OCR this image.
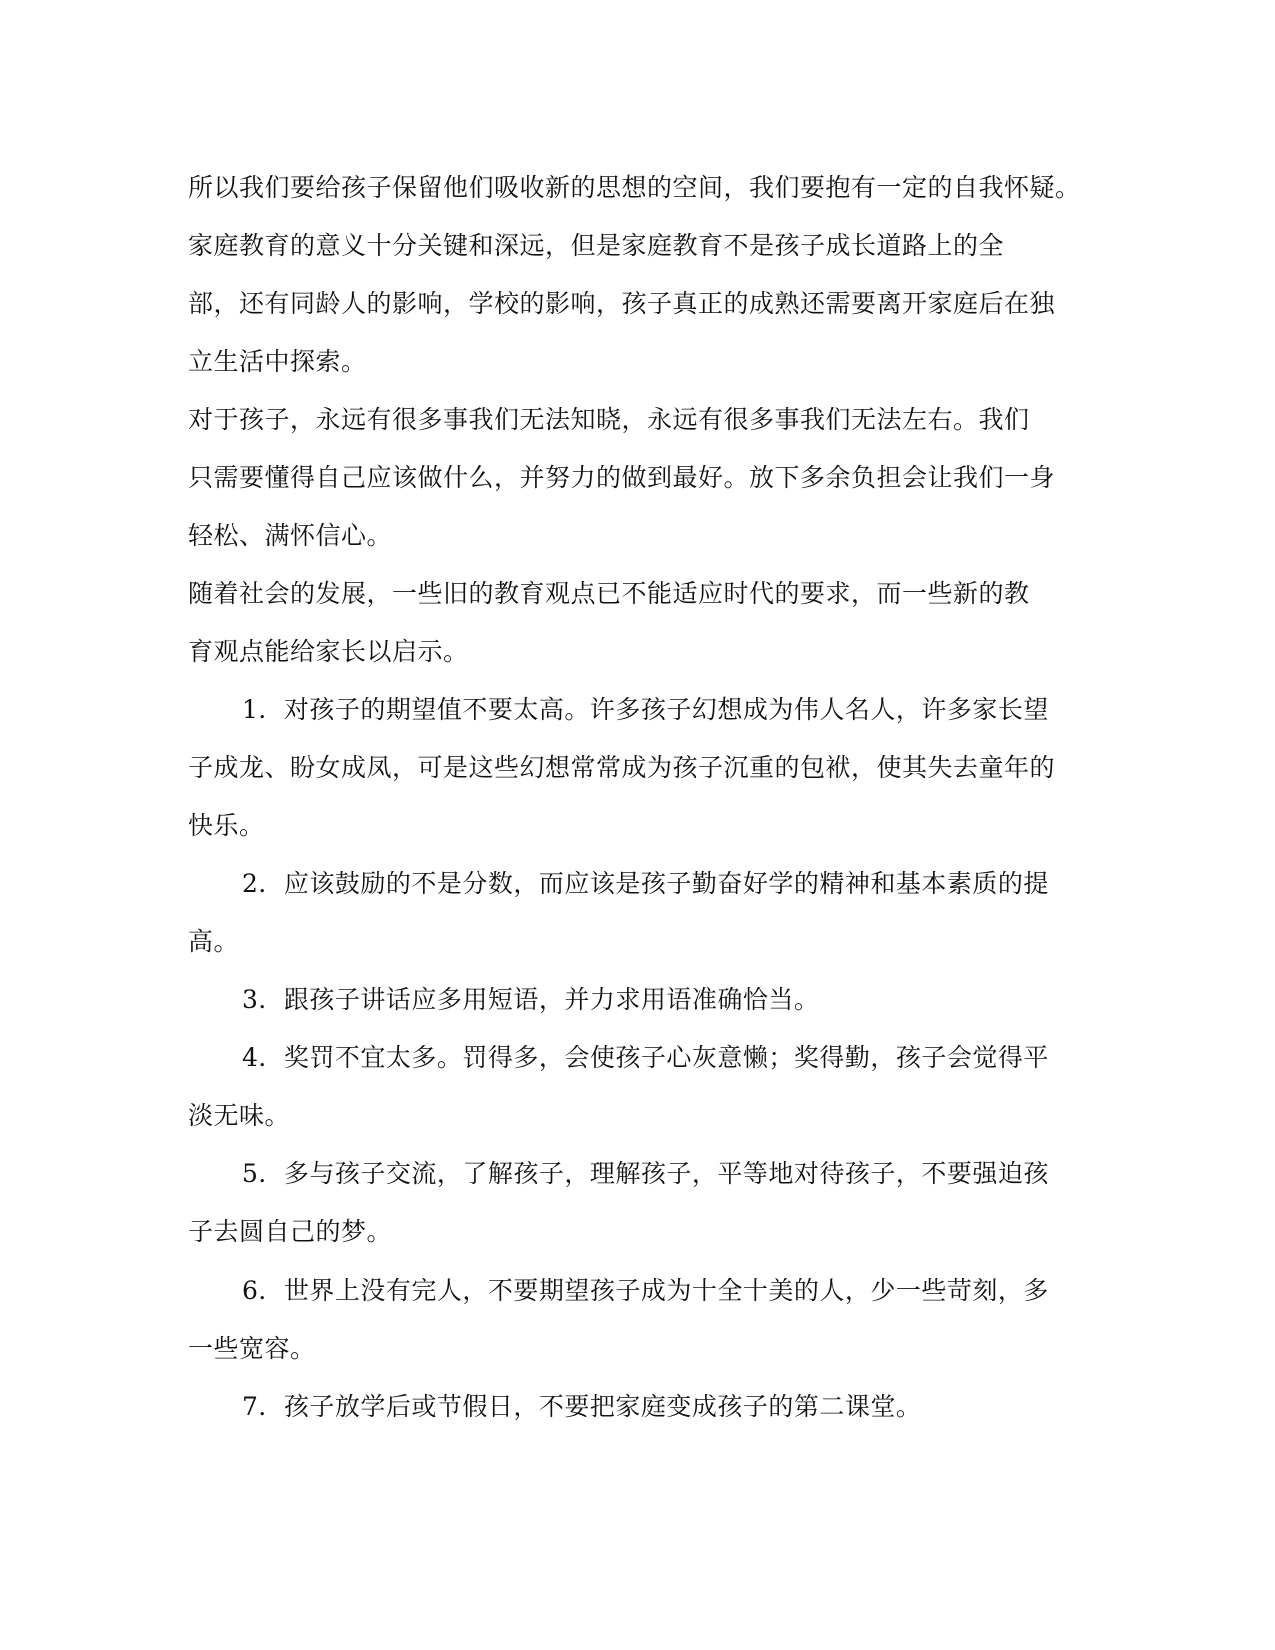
所以我们要给孩子保留他们吸收新的思想的空间，我们要抱有一定的自我怀疑。
家庭教育的意义十分关键和深远，但是家庭教育不是孩子成长道路上的全
部，还有同龄人的影响，学校的影响，孩子真正的成熟还需要离开家庭后在独
立生活中探索。
对于孩子，永远有很多事我们无法知晓，永远有很多事我们无法左右。我们
只需要懂得自己应该做什么，并努力的做到最好。放下多余负担会让我们一身
轻松、满怀信心。
随着社会的发展，一些旧的教育观点已不能适应时代的要求，而一些新的教
育观点能给家长以启示。
1．对孩子的期望值不要太高。许多孩子幻想成为伟人名人，许多家长望
子成龙、盼女成凤，可是这些幻想常常成为孩子沉重的包袱，使其失去童年的
快乐。
2．应该鼓励的不是分数，而应该是孩子勤奋好学的精神和基本素质的提
高。
3．跟孩子讲话应多用短语，并力求用语准确恰当。
4．奖罚不宜太多。罚得多，会使孩子心灰意懒；奖得勤，孩子会觉得平
淡无味。
5．多与孩子交流，了解孩子，理解孩子，平等地对待孩子，不要强迫孩
子去圆自己的梦。
6．世界上没有完人，不要期望孩子成为十全十美的人，少一些苛刻，多
一些宽容。
7．孩子放学后或节假日，不要把家庭变成孩子的第二课堂。
